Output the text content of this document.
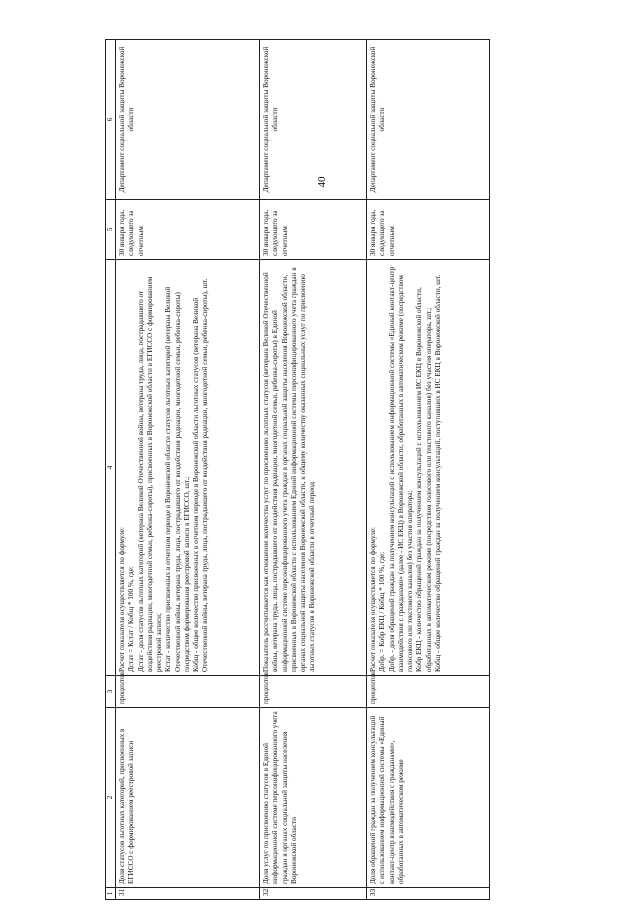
40
1	2	3	4	5	6
31	Доля статусов льготных категорий, присвоенных в ЕГИССО с формированием реестровой записи	процентов	Расчет показателя осуществляется по формуле: Дстат = Кстат / Кобщ * 100 %, где: Дстат - доля статусов льготных категорий (ветерана Великой Отечественной войны, ветерана труда, лица, пострадавшего от воздействия радиации, многодетной семьи, ребенка-сироты), присвоенных в Воронежской области в ЕГИССО с формированием реестровой записи; Кстат - количество присвоенных в отчетном периоде в Воронежской области статусов льготных категорий (ветерана Великой Отечественной войны, ветерана труда, лица, пострадавшего от воздействия радиации, многодетной семьи, ребенка-сироты) посредством формирования реестровой записи в ЕГИССО, шт.; Кобщ - общее количество присвоенных в отчетном периоде в Воронежской области льготных статусов (ветерана Великой Отечественной войны, ветерана труда, лица, пострадавшего от воздействия радиации, многодетной семьи, ребенка-сироты), шт.	30 января года, следующего за отчетным	Департамент социальной защиты Воронежской области
32	Доля услуг по присвоению статусов в Единой информационной системе персонифицированного учета граждан в органах социальной защиты населения Воронежской области	процентов	Показатель рассчитывается как отношение количества услуг по присвоению льготных статусов (ветерана Великой Отечественной войны, ветерана труда, лица, пострадавшего от воздействия радиации, многодетной семьи, ребенка-сироты) в Единой информационной системе персонифицированного учета граждан в органах социальной защиты населения Воронежской области, присвоенных в Воронежской области с использованием Единой информационной системы персонифицированного учета граждан в органах социальной защиты населения Воронежской области, к общему количеству оказанных социальных услуг по присвоению льготных статусов в Воронежской области в отчетный период	30 января года, следующего за отчетным	Департамент социальной защиты Воронежской области
33	Доля обращений граждан за получением консультаций с использованием информационной системы «Единый контакт-центр взаимодействия с гражданами», обработанных в автоматическом режиме	процентов	Расчет показателя осуществляется по формуле: Добр. = Кобр ЕКЦ / Кобщ * 100 %, где: Добр. - доля обращений граждан за получением консультаций с использованием информационной системы «Единый контакт-центр взаимодействия с гражданами» (далее - ИС ЕКЦ) в Воронежской области, обработанных в автоматическом режиме (посредством голосового или текстового каналов) без участия оператора; Кобр ЕКЦ - количество обращений граждан за получением консультаций с использованием ИС ЕКЦ в Воронежской области, обработанных в автоматическом режиме (посредством голосового или текстового каналов) без участия оператора, шт.; Кобщ - общее количество обращений граждан за получением консультаций, поступивших в ИС ЕКЦ в Воронежской области, шт.	30 января года, следующего за отчетным	Департамент социальной защиты Воронежской области
